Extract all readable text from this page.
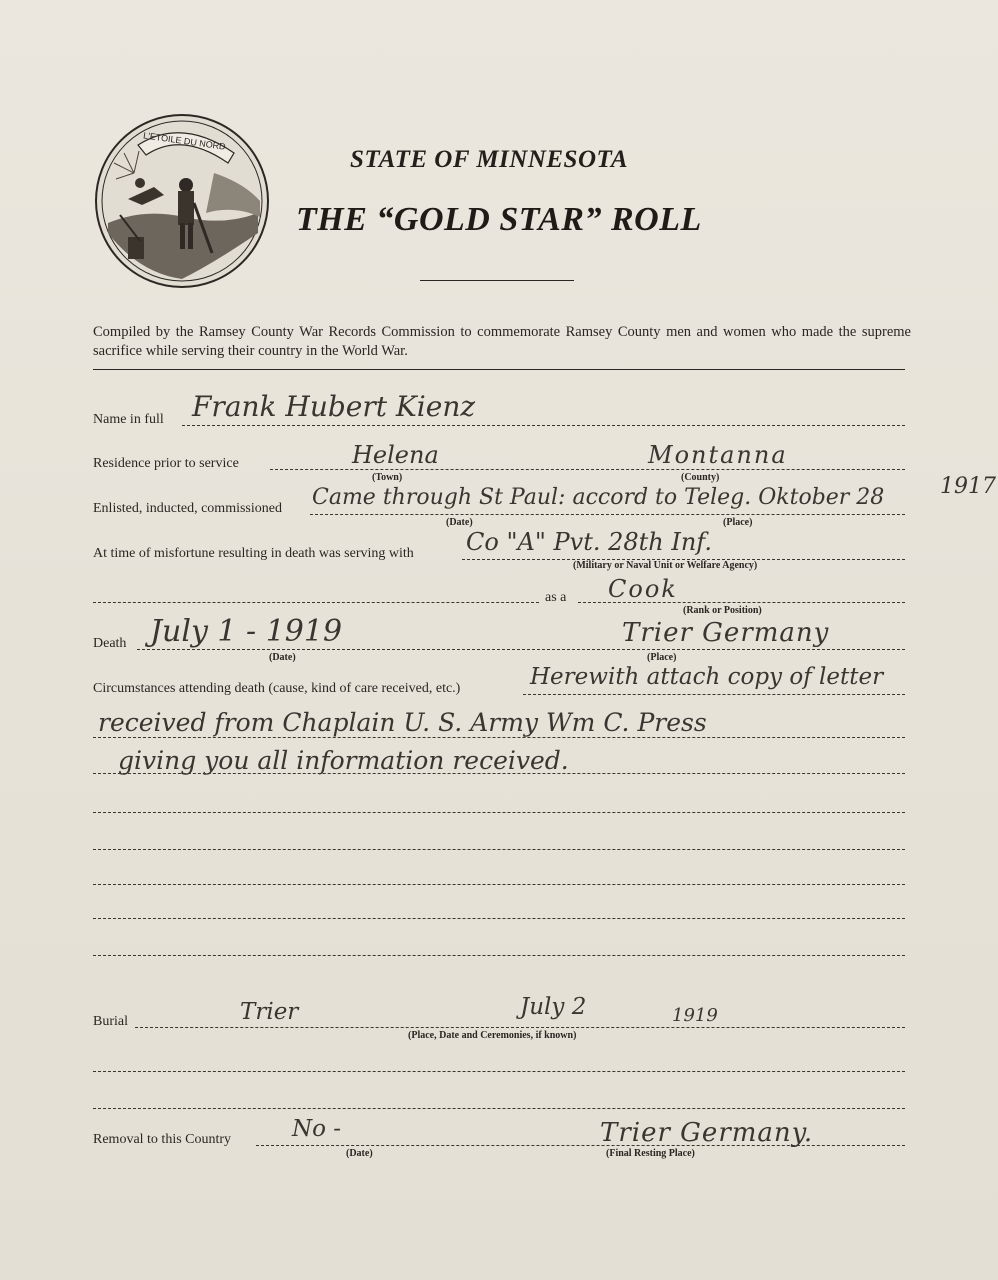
L'ETOILE DU NORD
STATE OF MINNESOTA
THE “GOLD STAR” ROLL
Compiled by the Ramsey County War Records Commission to commemorate Ramsey County men and women who made the supreme sacrifice while serving their country in the World War.
Name in full Frank Hubert Kienz
Residence prior to service	Helena	Montanna
(Town)	(County)
Enlisted, inducted, commissioned Came through St Paul: accord to Teleg. Oktober 28	1917
(Date)	(Place)
At time of misfortune resulting in death was serving with Co "A" Pvt. 28th Inf.
(Military or Naval Unit or Welfare Agency)
as a Cook
(Rank or Position)
Death July 1 - 1919	Trier Germany
(Date)	(Place)
Circumstances attending death (cause, kind of care received, etc.)	Herewith attach copy of letter
received from Chaplain U. S. Army Wm C. Press
giving you all information received.
Burial	Trier	July 2	1919
(Place, Date and Ceremonies, if known)
Removal to this Country	No -	Trier Germany.
(Date)	(Final Resting Place)
